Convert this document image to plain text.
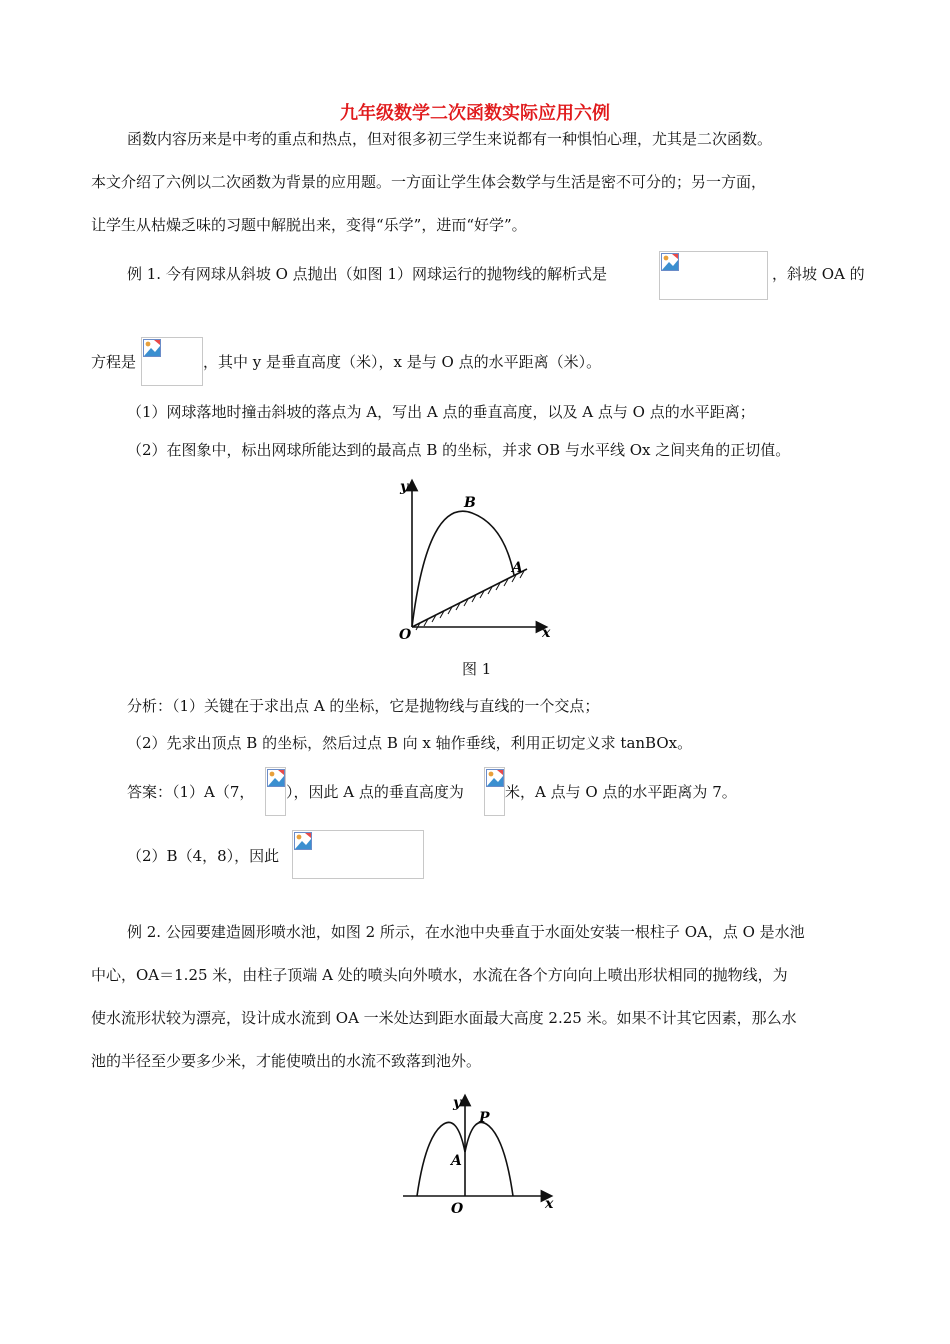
九年级数学二次函数实际应用六例
函数内容历来是中考的重点和热点，但对很多初三学生来说都有一种惧怕心理，尤其是二次函数。
本文介绍了六例以二次函数为背景的应用题。一方面让学生体会数学与生活是密不可分的；另一方面，
让学生从枯燥乏味的习题中解脱出来，变得“乐学”，进而“好学”。
例 1. 今有网球从斜坡 O 点抛出（如图 1）网球运行的抛物线的解析式是	，斜坡 OA 的
方程是	，其中 y 是垂直高度（米），x 是与 O 点的水平距离（米）。
（1）网球落地时撞击斜坡的落点为 A，写出 A 点的垂直高度，以及 A 点与 O 点的水平距离；
（2）在图象中，标出网球所能达到的最高点 B 的坐标，并求 OB 与水平线 Ox 之间夹角的正切值。
y
x
O
B
A
图 1
分析：（1）关键在于求出点 A 的坐标，它是抛物线与直线的一个交点；
（2）先求出顶点 B 的坐标，然后过点 B 向 x 轴作垂线，利用正切定义求 tanBOx。
答案：（1）A（7， ），因此 A 点的垂直高度为	米，A 点与 O 点的水平距离为 7。
（2）B（4，8），因此
例 2. 公园要建造圆形喷水池，如图 2 所示，在水池中央垂直于水面处安装一根柱子 OA，点 O 是水池
中心，OA＝1.25 米，由柱子顶端 A 处的喷头向外喷水，水流在各个方向向上喷出形状相同的抛物线，为
使水流形状较为漂亮，设计成水流到 OA 一米处达到距水面最大高度 2.25 米。如果不计其它因素，那么水
池的半径至少要多少米，才能使喷出的水流不致落到池外。
y
x
O
A
P
